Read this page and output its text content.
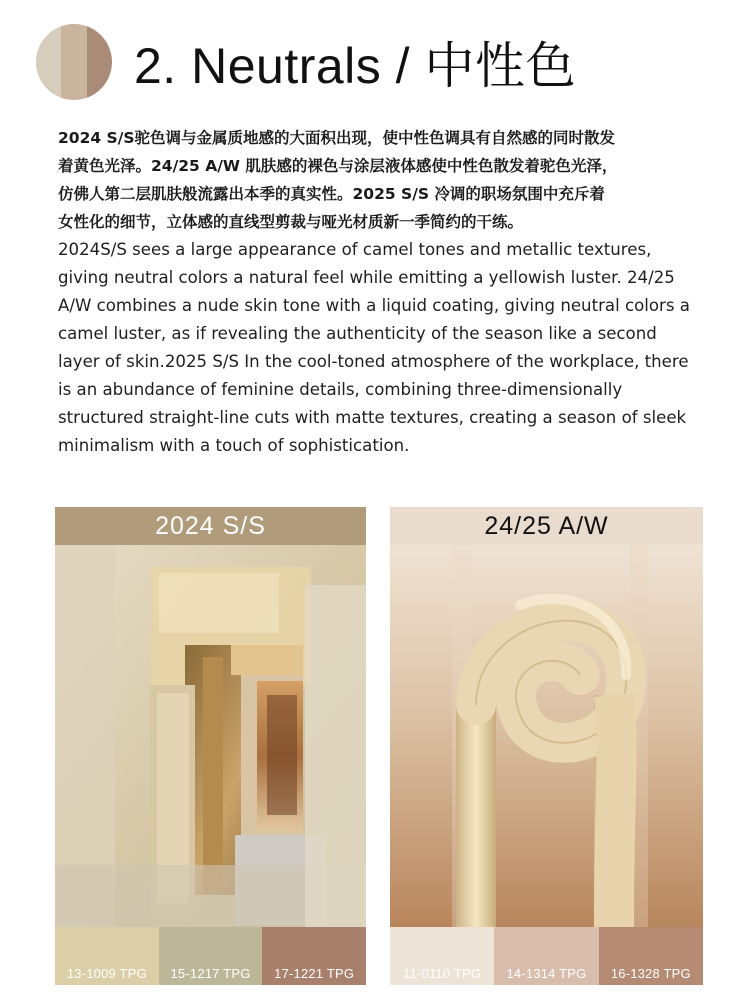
2. Neutrals / 中性色

2024 S/S驼色调与金属质地感的大面积出现，使中性色调具有自然感的同时散发

着黄色光泽。24/25 A/W 肌肤感的裸色与涂层液体感使中性色散发着驼色光泽，

仿佛人第二层肌肤般流露出本季的真实性。2025 S/S 冷调的职场氛围中充斥着

女性化的细节，立体感的直线型剪裁与哑光材质新一季简约的干练。

2024S/S sees a large appearance of camel tones and metallic textures,

giving neutral colors a natural feel while emitting a yellowish luster. 24/25

A/W combines a nude skin tone with a liquid coating, giving neutral colors a

camel luster, as if revealing the authenticity of the season like a second

layer of skin.2025 S/S In the cool-toned atmosphere of the workplace, there

is an abundance of feminine details, combining three-dimensionally

structured straight-line cuts with matte textures, creating a season of sleek

minimalism with a touch of sophistication.

2024 S/S
13-1009 TPG 15-1217 TPG 17-1221 TPG
24/25 A/W
11-0110 TPG 14-1314 TPG 16-1328 TPG
